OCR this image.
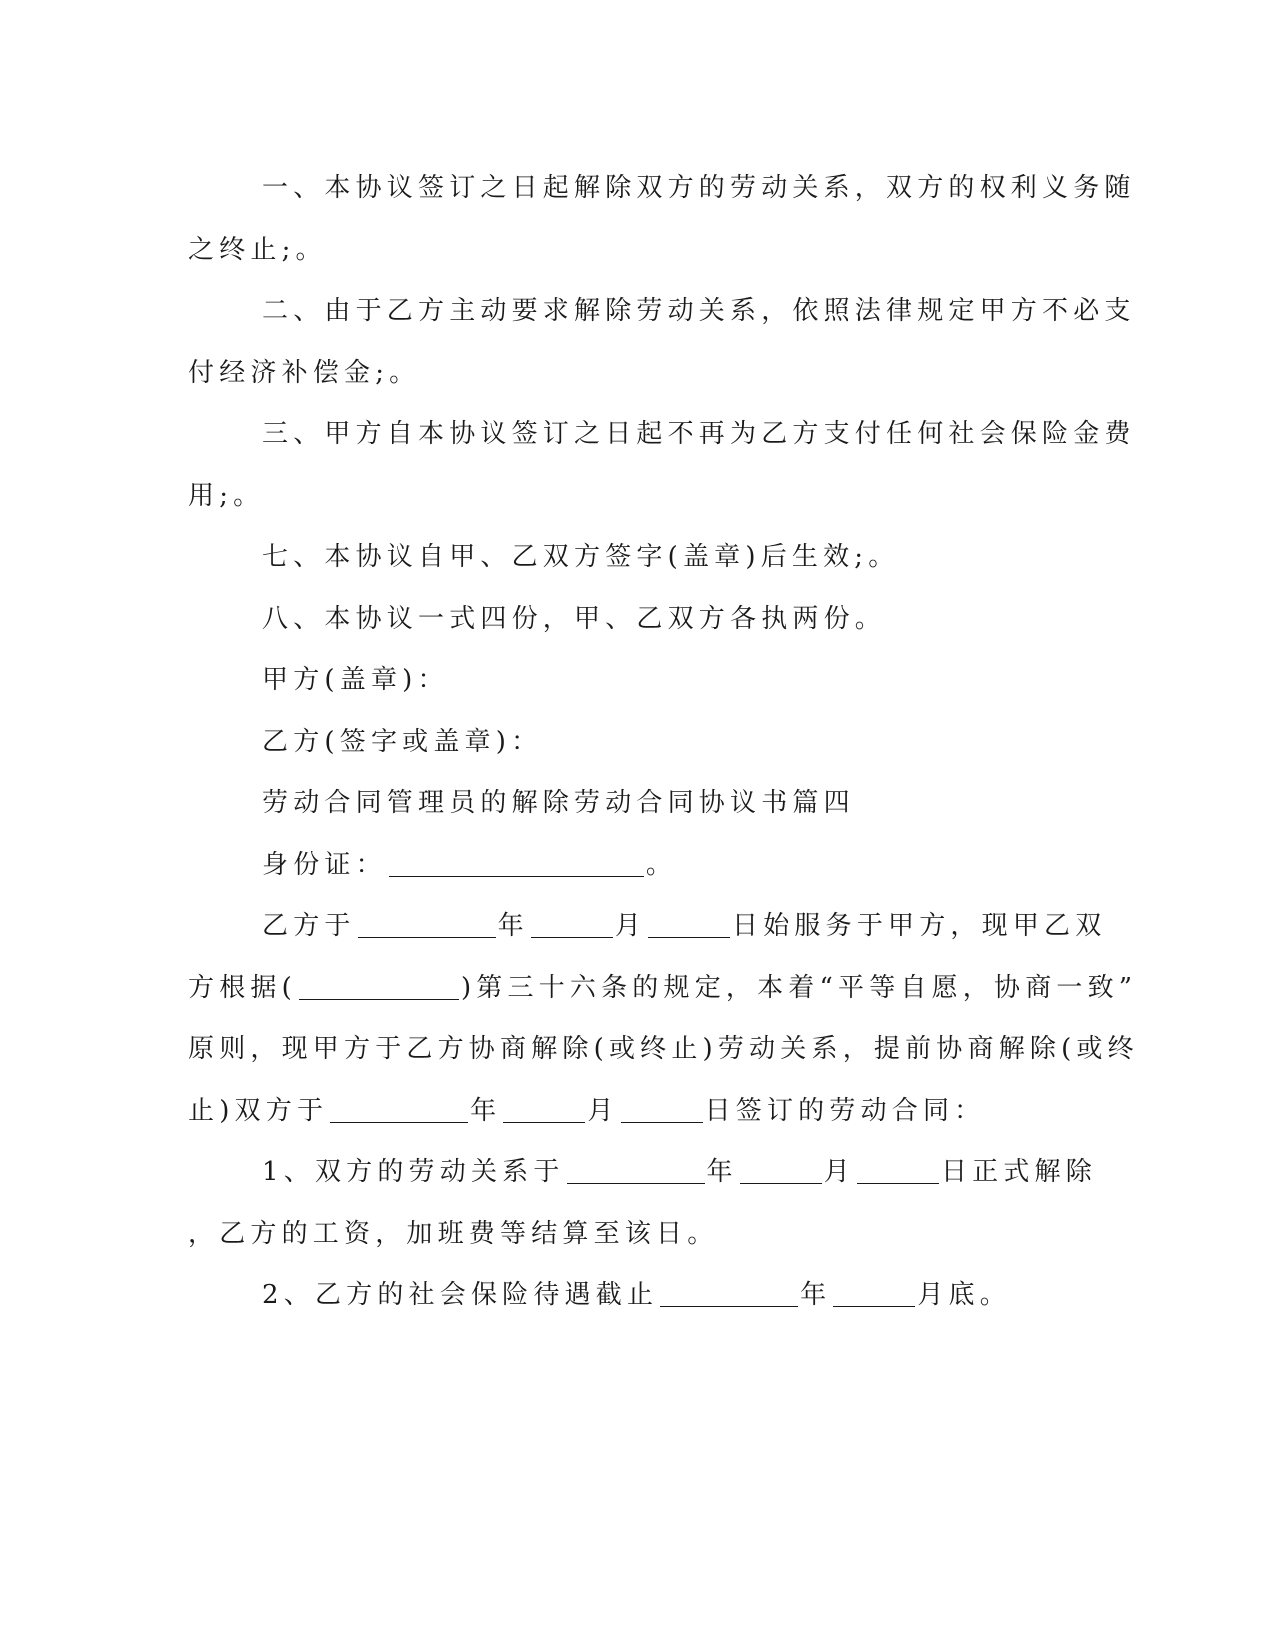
一、本协议签订之日起解除双方的劳动关系，双方的权利义务随
之终止;。
二、由于乙方主动要求解除劳动关系，依照法律规定甲方不必支
付经济补偿金;。
三、甲方自本协议签订之日起不再为乙方支付任何社会保险金费
用;。
七、本协议自甲、乙双方签字(盖章)后生效;。
八、本协议一式四份，甲、乙双方各执两份。
甲方(盖章)：
乙方(签字或盖章)：
劳动合同管理员的解除劳动合同协议书篇四
身份证：	。
乙方于	年	月	日始服务于甲方，现甲乙双
方根据(	)第三十六条的规定，本着“平等自愿，协商一致”
原则，现甲方于乙方协商解除(或终止)劳动关系，提前协商解除(或终
止)双方于	年	月	日签订的劳动合同：
1、双方的劳动关系于	年	月	日正式解除
，乙方的工资，加班费等结算至该日。
2、乙方的社会保险待遇截止	年	月底。
